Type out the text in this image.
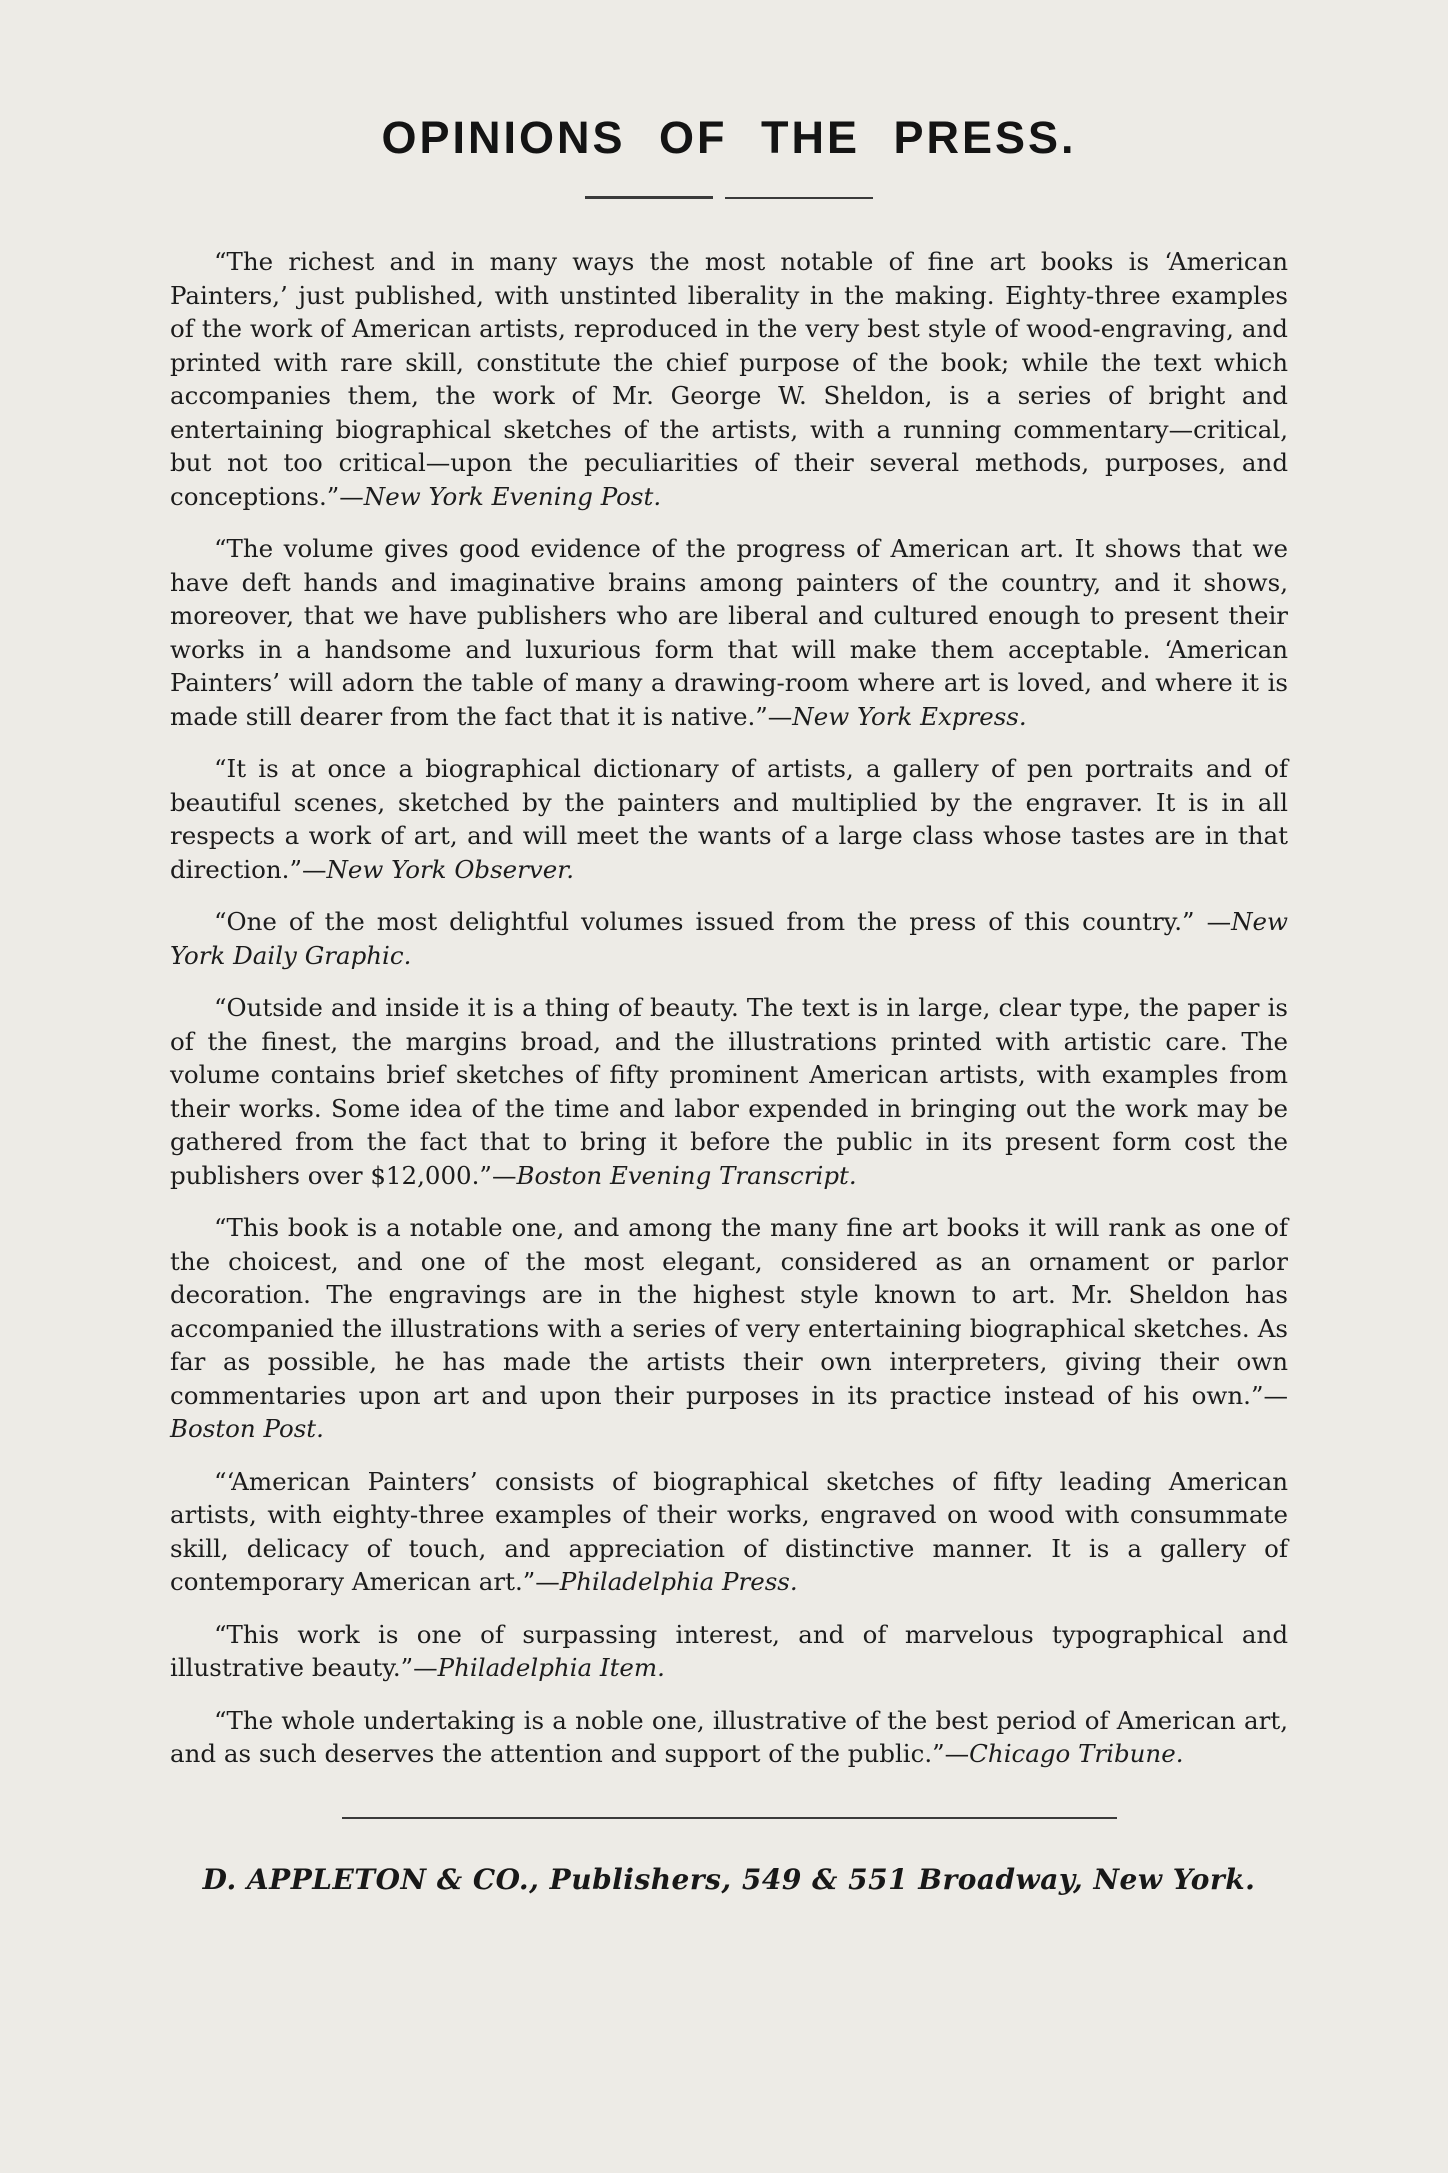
OPINIONS OF THE PRESS.

“The richest and in many ways the most notable of fine art books is ‘American Painters,’ just published, with unstinted liberality in the making. Eighty-three examples of the work of American artists, reproduced in the very best style of wood-engraving, and printed with rare skill, constitute the chief purpose of the book; while the text which accompanies them, the work of Mr. George W. Sheldon, is a series of bright and entertaining biographical sketches of the artists, with a running commentary—critical, but not too critical—upon the peculiarities of their several methods, purposes, and conceptions.”—New York Evening Post.

“The volume gives good evidence of the progress of American art. It shows that we have deft hands and imaginative brains among painters of the country, and it shows, moreover, that we have publishers who are liberal and cultured enough to present their works in a handsome and luxurious form that will make them acceptable. ‘American Painters’ will adorn the table of many a drawing-room where art is loved, and where it is made still dearer from the fact that it is native.”—New York Express.

“It is at once a biographical dictionary of artists, a gallery of pen portraits and of beautiful scenes, sketched by the painters and multiplied by the engraver. It is in all respects a work of art, and will meet the wants of a large class whose tastes are in that direction.”—New York Observer.

“One of the most delightful volumes issued from the press of this country.” —New York Daily Graphic.

“Outside and inside it is a thing of beauty. The text is in large, clear type, the paper is of the finest, the margins broad, and the illustrations printed with artistic care. The volume contains brief sketches of fifty prominent American artists, with examples from their works. Some idea of the time and labor expended in bringing out the work may be gathered from the fact that to bring it before the public in its present form cost the publishers over $12,000.”—Boston Evening Transcript.

“This book is a notable one, and among the many fine art books it will rank as one of the choicest, and one of the most elegant, considered as an ornament or parlor decoration. The engravings are in the highest style known to art. Mr. Sheldon has accompanied the illustrations with a series of very entertaining biographical sketches. As far as possible, he has made the artists their own interpreters, giving their own commentaries upon art and upon their purposes in its practice instead of his own.”—Boston Post.

“‘American Painters’ consists of biographical sketches of fifty leading American artists, with eighty-three examples of their works, engraved on wood with consummate skill, delicacy of touch, and appreciation of distinctive manner. It is a gallery of contemporary American art.”—Philadelphia Press.

“This work is one of surpassing interest, and of marvelous typographical and illustrative beauty.”—Philadelphia Item.

“The whole undertaking is a noble one, illustrative of the best period of American art, and as such deserves the attention and support of the public.”—Chicago Tribune.

D. APPLETON & CO., Publishers, 549 & 551 Broadway, New York.
